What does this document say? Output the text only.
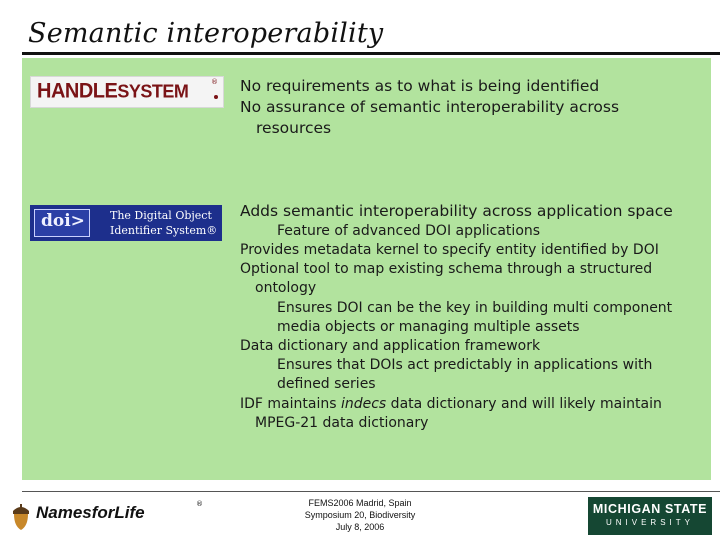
Semantic interoperability
HANDLESYSTEM	®
doi> The Digital Object
Identifier System®
No requirements as to what is being identified
No assurance of semantic interoperability across
resources
Adds semantic interoperability across application space
Feature of advanced DOI applications
Provides metadata kernel to specify entity identified by DOI
Optional tool to map existing schema through a structured
ontology
Ensures DOI can be the key in building multi component
media objects or managing multiple assets
Data dictionary and application framework
Ensures that DOIs act predictably in applications with
defined series
IDF maintains indecs data dictionary and will likely maintain
MPEG-21 data dictionary
NamesforLife	®	FEMS2006 Madrid, Spain
Symposium 20, Biodiversity
July 8, 2006
MICHIGAN STATE
UNIVERSITY
